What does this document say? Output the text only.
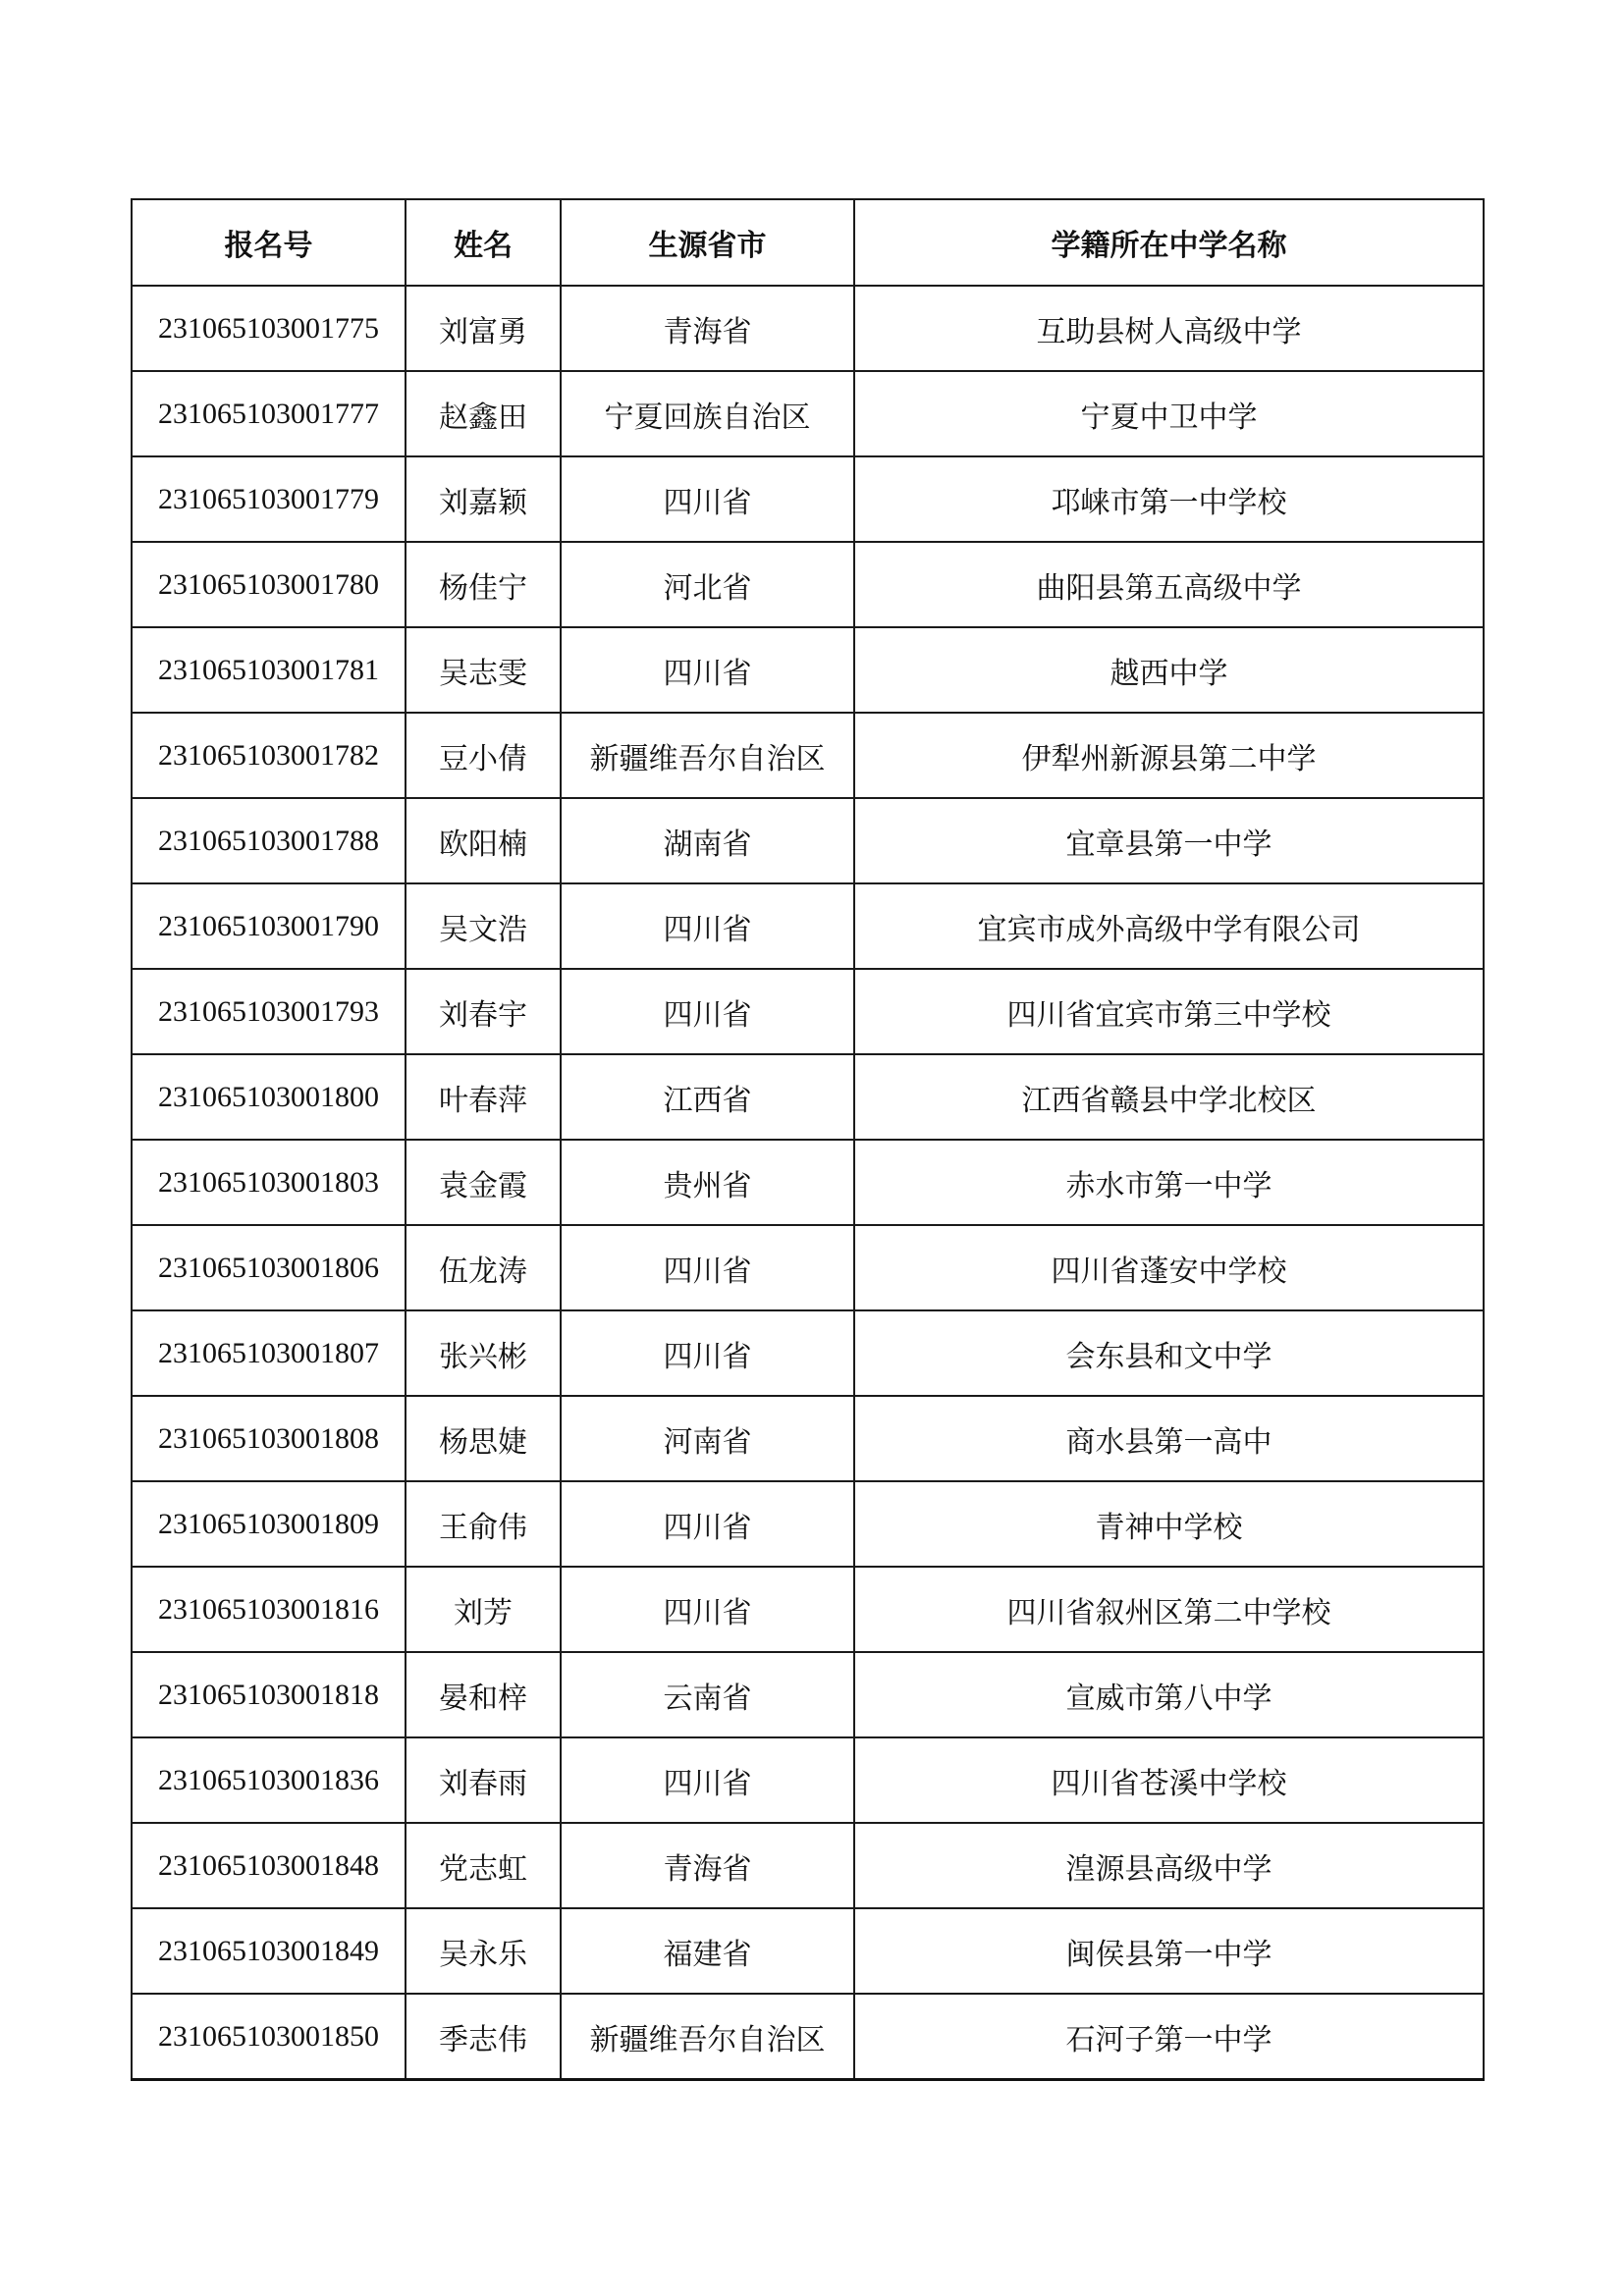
报名号	姓名	生源省市	学籍所在中学名称
231065103001775	刘富勇	青海省	互助县树人高级中学
231065103001777	赵鑫田	宁夏回族自治区	宁夏中卫中学
231065103001779	刘嘉颖	四川省	邛崃市第一中学校
231065103001780	杨佳宁	河北省	曲阳县第五高级中学
231065103001781	吴志雯	四川省	越西中学
231065103001782	豆小倩	新疆维吾尔自治区	伊犁州新源县第二中学
231065103001788	欧阳楠	湖南省	宜章县第一中学
231065103001790	吴文浩	四川省	宜宾市成外高级中学有限公司
231065103001793	刘春宇	四川省	四川省宜宾市第三中学校
231065103001800	叶春萍	江西省	江西省赣县中学北校区
231065103001803	袁金霞	贵州省	赤水市第一中学
231065103001806	伍龙涛	四川省	四川省蓬安中学校
231065103001807	张兴彬	四川省	会东县和文中学
231065103001808	杨思婕	河南省	商水县第一高中
231065103001809	王俞伟	四川省	青神中学校
231065103001816	刘芳	四川省	四川省叙州区第二中学校
231065103001818	晏和梓	云南省	宣威市第八中学
231065103001836	刘春雨	四川省	四川省苍溪中学校
231065103001848	党志虹	青海省	湟源县高级中学
231065103001849	吴永乐	福建省	闽侯县第一中学
231065103001850	季志伟	新疆维吾尔自治区	石河子第一中学
